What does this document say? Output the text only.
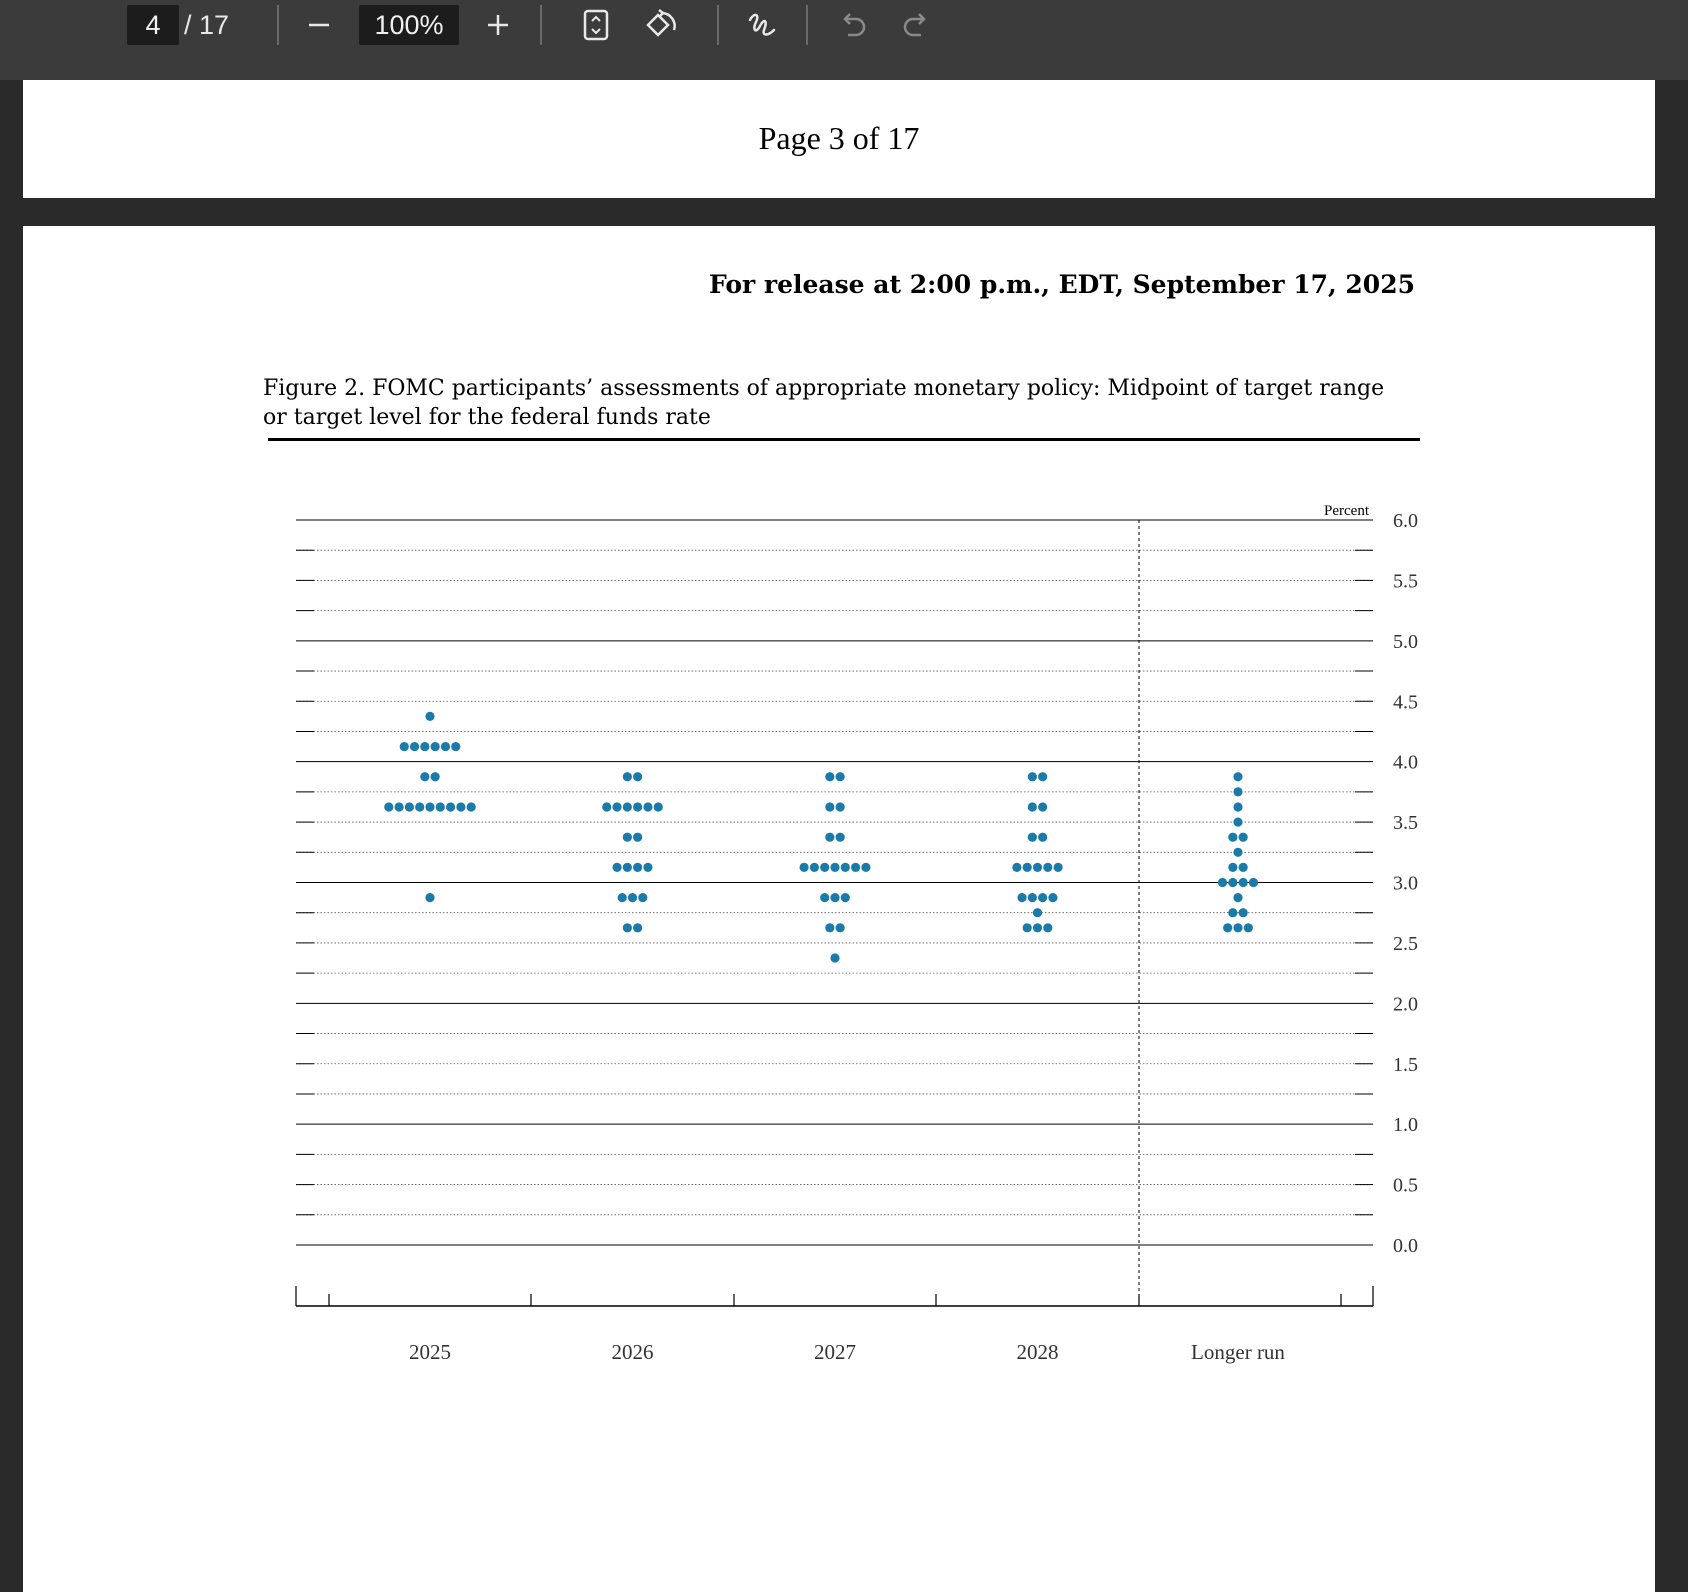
4 / 17	100%
Page 3 of 17
For release at 2:00 p.m., EDT, September 17, 2025
Figure 2. FOMC participants’ assessments of appropriate monetary policy: Midpoint of target range
or target level for the federal funds rate
6.0
5.5
5.0
4.5
4.0
3.5
3.0
2.5
2.0
1.5
1.0
0.5
0.0
Percent
2025	2026	2027	2028	Longer run
